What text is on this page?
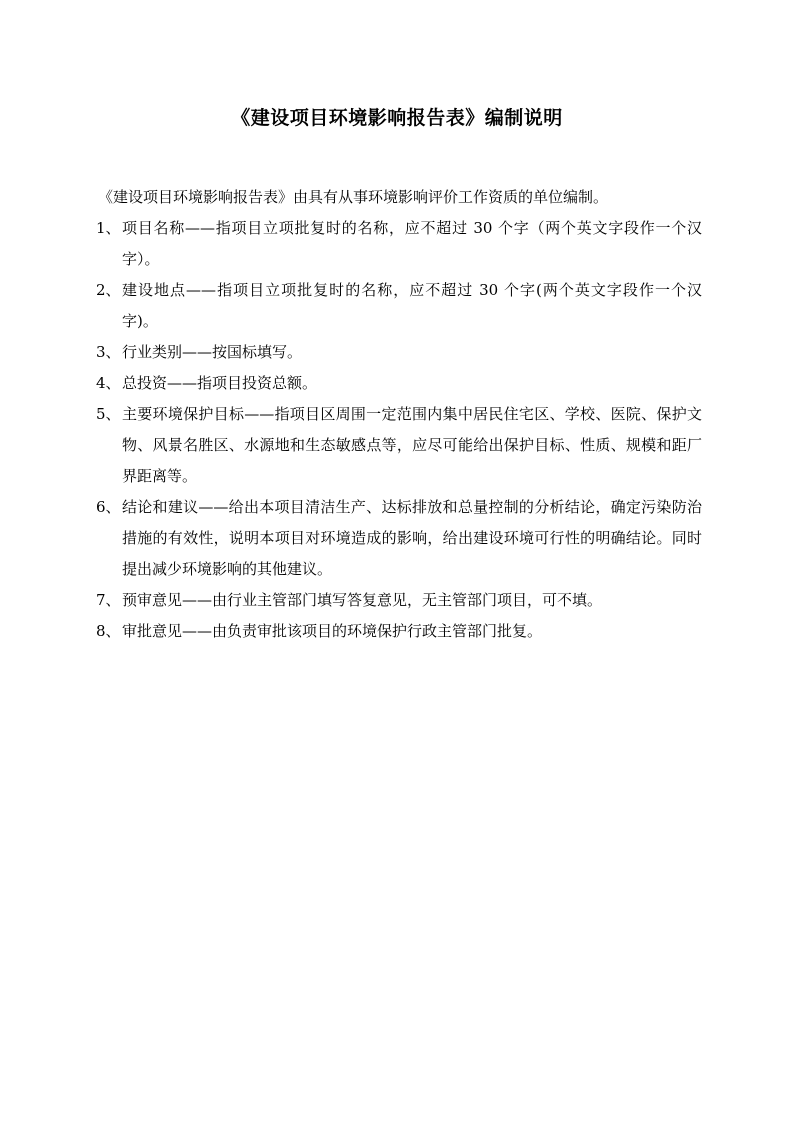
《建设项目环境影响报告表》编制说明

《建设项目环境影响报告表》由具有从事环境影响评价工作资质的单位编制。

1、 项目名称——指项目立项批复时的名称，应不超过 30 个字（两个英文字段作一个汉字）。
2、 建设地点——指项目立项批复时的名称，应不超过 30 个字(两个英文字段作一个汉字)。
3、 行业类别——按国标填写。
4、 总投资——指项目投资总额。
5、 主要环境保护目标——指项目区周围一定范围内集中居民住宅区、学校、医院、保护文物、风景名胜区、水源地和生态敏感点等，应尽可能给出保护目标、性质、规模和距厂界距离等。
6、 结论和建议——给出本项目清洁生产、达标排放和总量控制的分析结论，确定污染防治措施的有效性，说明本项目对环境造成的影响，给出建设环境可行性的明确结论。同时提出减少环境影响的其他建议。
7、 预审意见——由行业主管部门填写答复意见，无主管部门项目，可不填。
8、 审批意见——由负责审批该项目的环境保护行政主管部门批复。
